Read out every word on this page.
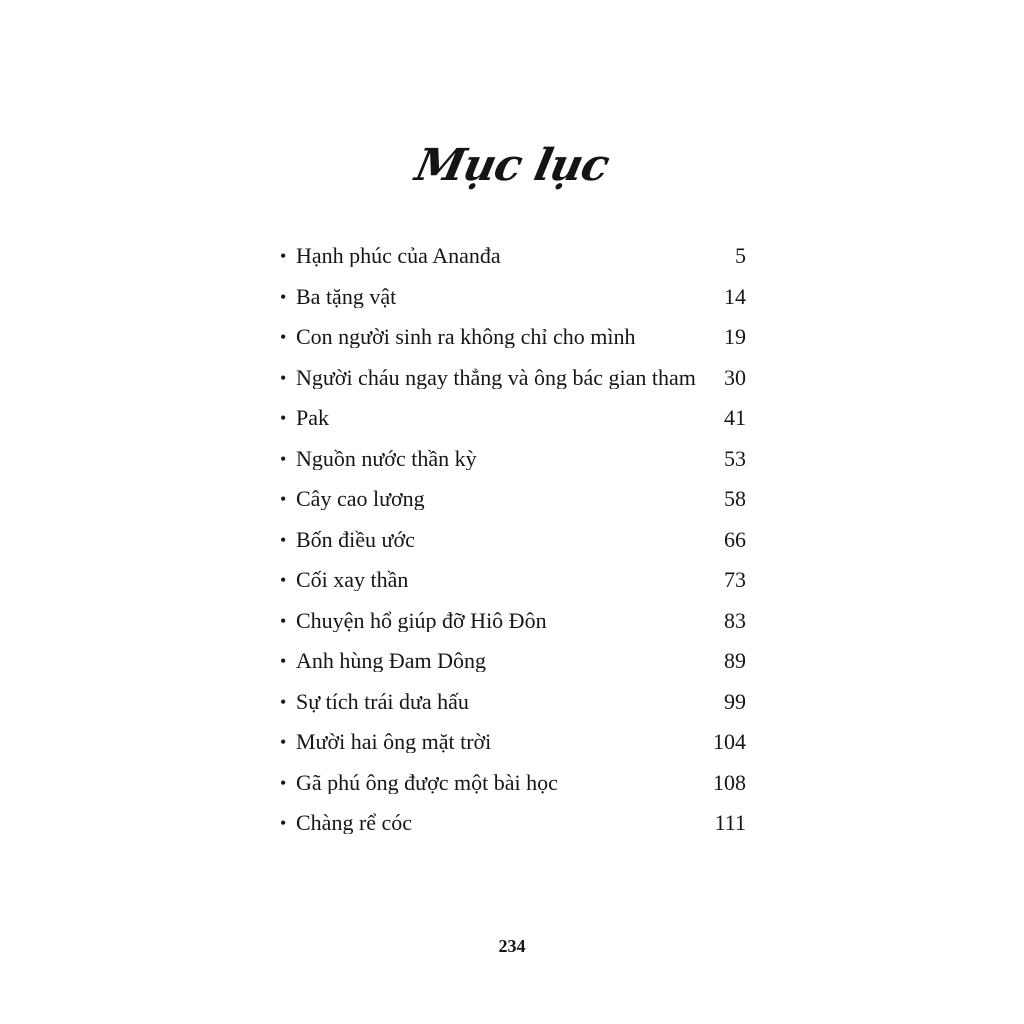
Mục lục
• Hạnh phúc của Ananđa	5
• Ba tặng vật	14
• Con người sinh ra không chỉ cho mình	19
• Người cháu ngay thẳng và ông bác gian tham	30
• Pak	41
• Nguồn nước thần kỳ	53
• Cây cao lương	58
• Bốn điều ước	66
• Cối xay thần	73
• Chuyện hổ giúp đỡ Hiô Đôn	83
• Anh hùng Đam Dông	89
• Sự tích trái dưa hấu	99
• Mười hai ông mặt trời	104
• Gã phú ông được một bài học	108
• Chàng rể cóc	111
234
